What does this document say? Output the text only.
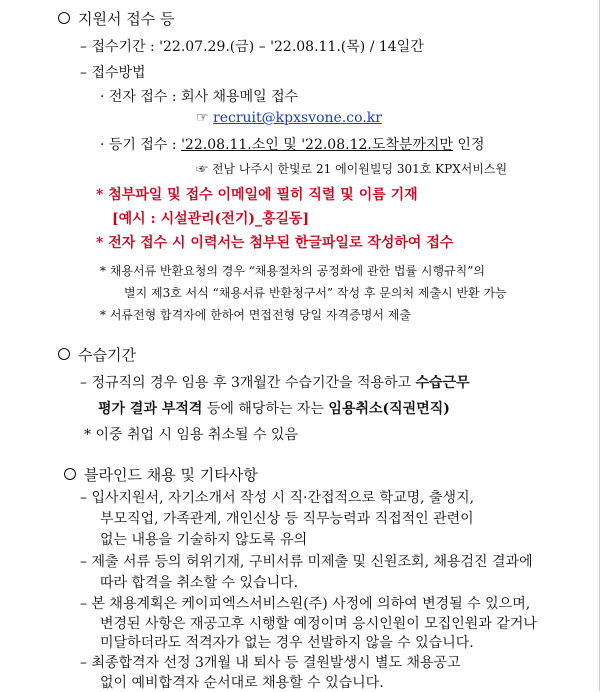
지원서 접수 등
– 접수기간 : '22.07.29.(금) – '22.08.11.(목) / 14일간
– 접수방법
· 전자 접수 : 회사 채용메일 접수
☞ recruit@kpxsvone.co.kr
· 등기 접수 : '22.08.11.소인 및 '22.08.12.도착분까지만 인정
☞ 전남 나주시 한빛로 21 에이원빌딩 301호 KPX서비스원
* 첨부파일 및 접수 이메일에 필히 직렬 및 이름 기재
[예시 : 시설관리(전기)_홍길동]
* 전자 접수 시 이력서는 첨부된 한글파일로 작성하여 접수
* 채용서류 반환요청의 경우 “채용절차의 공정화에 관한 법률 시행규칙”의
별지 제3호 서식 “채용서류 반환청구서” 작성 후 문의처 제출시 반환 가능
* 서류전형 합격자에 한하여 면접전형 당일 자격증명서 제출
수습기간
– 정규직의 경우 임용 후 3개월간 수습기간을 적용하고 수습근무
평가 결과 부적격 등에 해당하는 자는 임용취소(직권면직)
* 이중 취업 시 임용 취소될 수 있음
블라인드 채용 및 기타사항
– 입사지원서, 자기소개서 작성 시 직·간접적으로 학교명, 출생지,
부모직업, 가족관계, 개인신상 등 직무능력과 직접적인 관련이
없는 내용을 기술하지 않도록 유의
– 제출 서류 등의 허위기재, 구비서류 미제출 및 신원조회, 채용검진 결과에
따라 합격을 취소할 수 있습니다.
– 본 채용계획은 케이피엑스서비스원(주) 사정에 의하여 변경될 수 있으며,
변경된 사항은 재공고후 시행할 예정이며 응시인원이 모집인원과 같거나
미달하더라도 적격자가 없는 경우 선발하지 않을 수 있습니다.
– 최종합격자 선정 3개월 내 퇴사 등 결원발생시 별도 채용공고
없이 예비합격자 순서대로 채용할 수 있습니다.
